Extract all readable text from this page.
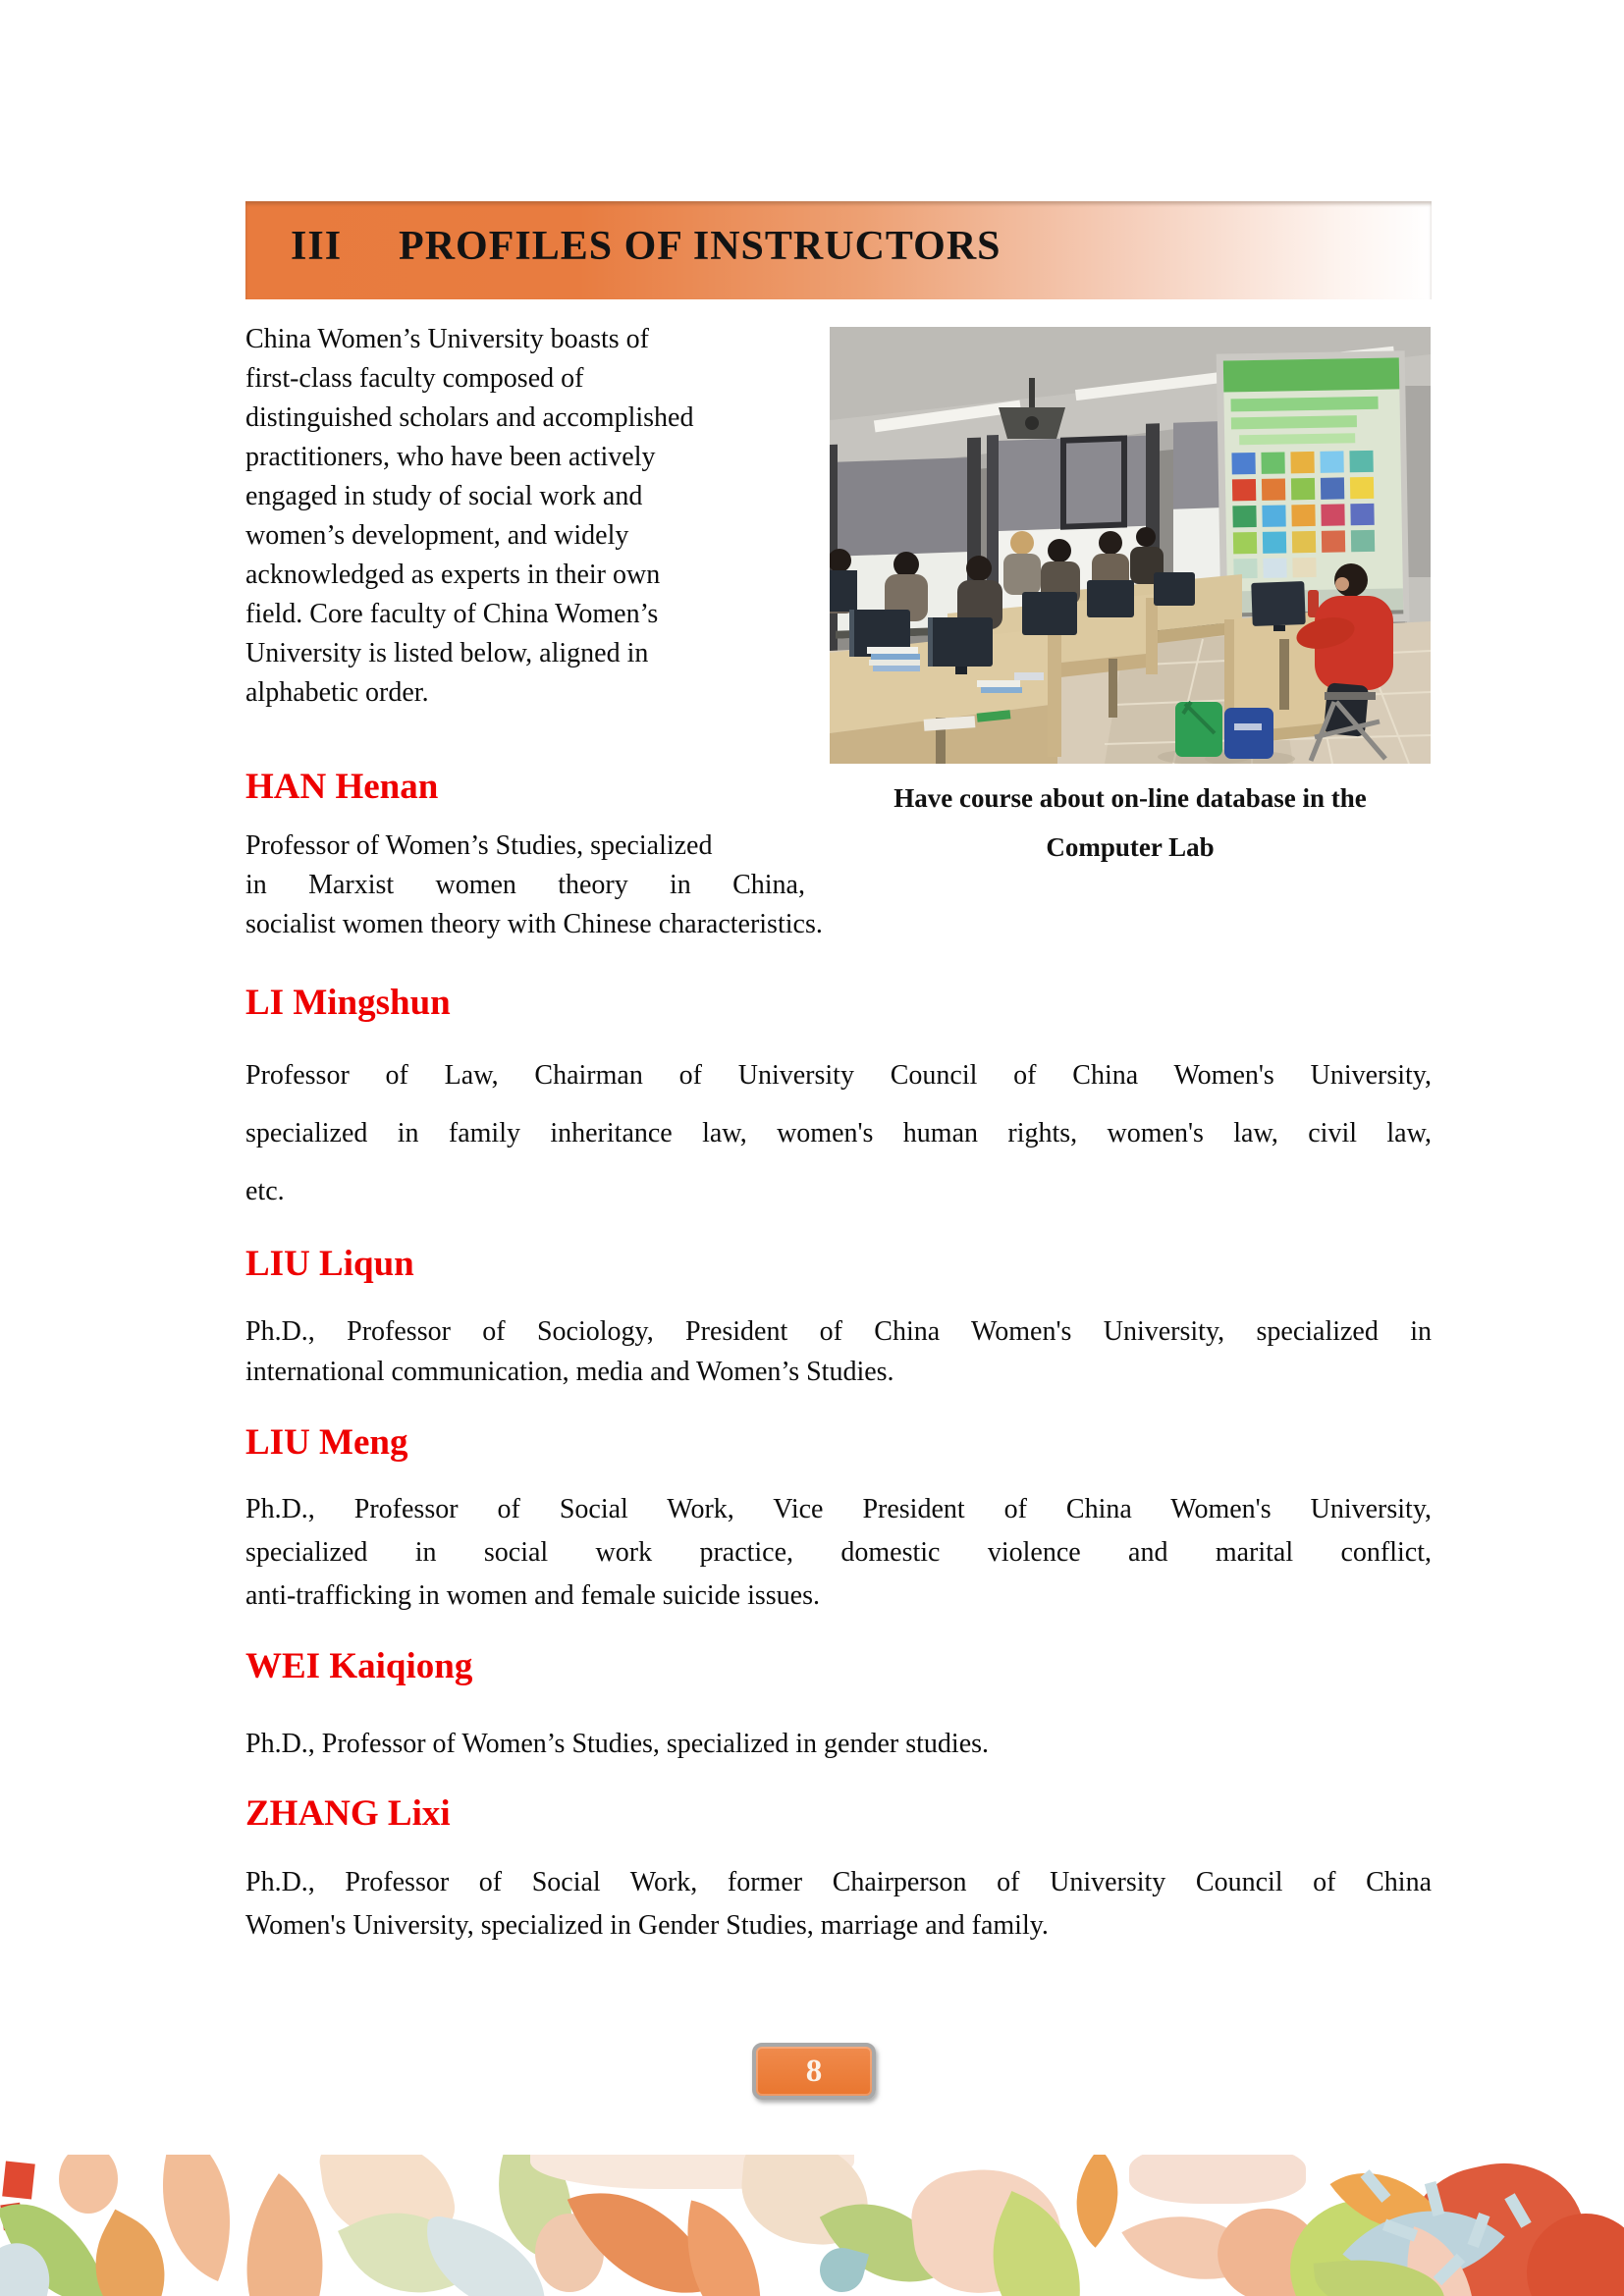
III PROFILES OF INSTRUCTORS
China Women’s University boasts of
first-class faculty composed of
distinguished scholars and accomplished
practitioners, who have been actively
engaged in study of social work and
women’s development, and widely
acknowledged as experts in their own
field. Core faculty of China Women’s
University is listed below, aligned in
alphabetic order.
Have course about on-line database in the
Computer Lab
HAN Henan
Professor of Women’s Studies, specialized
in Marxist women theory in China,
socialist women theory with Chinese characteristics.
LI Mingshun
Professor of Law, Chairman of University Council of China Women's University,
specialized in family inheritance law, women's human rights, women's law, civil law,
etc.
LIU Liqun
Ph.D., Professor of Sociology, President of China Women's University, specialized in
international communication, media and Women’s Studies.
LIU Meng
Ph.D., Professor of Social Work, Vice President of China Women's University,
specialized in social work practice, domestic violence and marital conflict,
anti-trafficking in women and female suicide issues.
WEI Kaiqiong
Ph.D., Professor of Women’s Studies, specialized in gender studies.
ZHANG Lixi
Ph.D., Professor of Social Work, former Chairperson of University Council of China
Women's University, specialized in Gender Studies, marriage and family.
8
